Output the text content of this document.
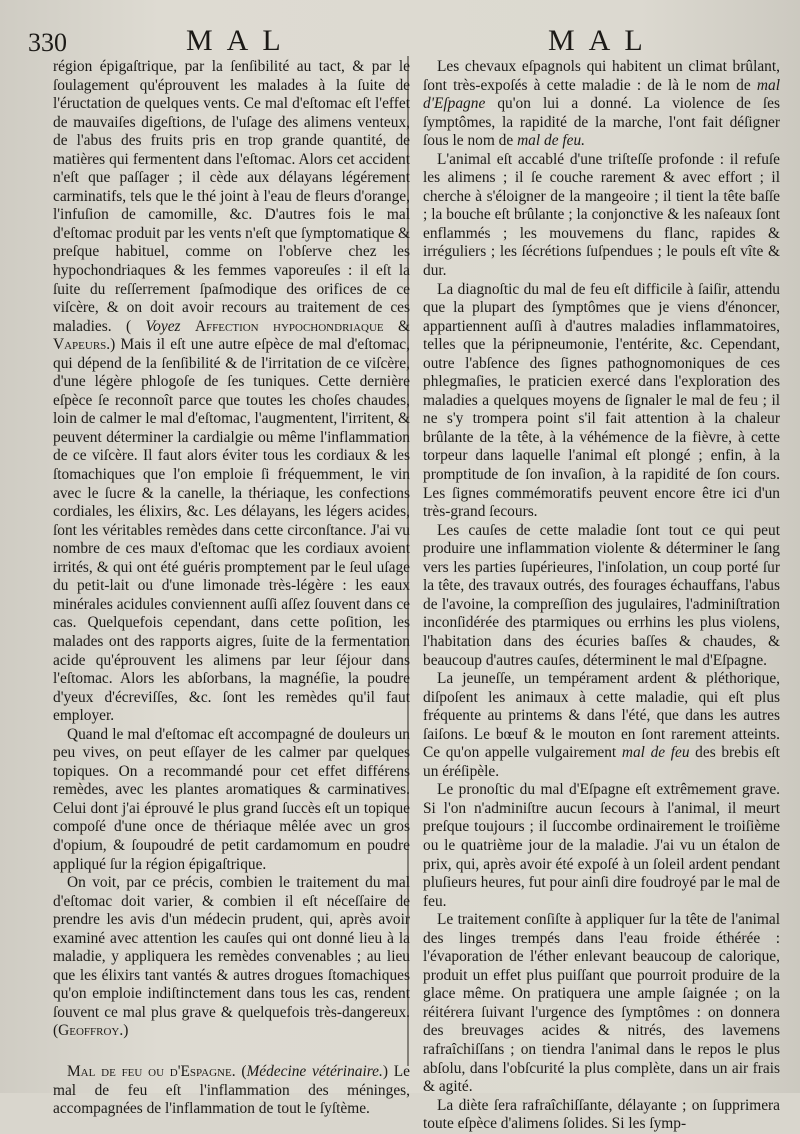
330	MAL	MAL

région épigaſtrique, par la ſenſibilité au tact, & par le ſoulagement qu'éprouvent les malades à la ſuite de l'éructation de quelques vents. Ce mal d'eſtomac eſt l'effet de mauvaiſes digeſtions, de l'uſage des alimens venteux, de l'abus des fruits pris en trop grande quantité, de matières qui fermentent dans l'eſtomac. Alors cet accident n'eſt que paſſager ; il cède aux délayans légérement carminatifs, tels que le thé joint à l'eau de fleurs d'orange, l'infuſion de camomille, &c. D'autres fois le mal d'eſtomac produit par les vents n'eſt que ſymptomatique & preſque habituel, comme on l'obſerve chez les hypochondriaques & les femmes vaporeuſes : il eſt la ſuite du reſſerrement ſpaſmodique des orifices de ce viſcère, & on doit avoir recours au traitement de ces maladies. ( Voyez Affection hypochondriaque & Vapeurs.) Mais il eſt une autre eſpèce de mal d'eſtomac, qui dépend de la ſenſibilité & de l'irritation de ce viſcère, d'une légère phlogoſe de ſes tuniques. Cette dernière eſpèce ſe reconnoît parce que toutes les choſes chaudes, loin de calmer le mal d'eſtomac, l'augmentent, l'irritent, & peuvent déterminer la cardialgie ou même l'inflammation de ce viſcère. Il faut alors éviter tous les cordiaux & les ſtomachiques que l'on emploie ſi fréquemment, le vin avec le ſucre & la canelle, la thériaque, les confections cordiales, les élixirs, &c. Les délayans, les légers acides, ſont les véritables remèdes dans cette circonſtance. J'ai vu nombre de ces maux d'eſtomac que les cordiaux avoient irrités, & qui ont été guéris promptement par le ſeul uſage du petit-lait ou d'une limonade très-légère : les eaux minérales acidules conviennent auſſi aſſez ſouvent dans ce cas. Quelquefois cependant, dans cette poſition, les malades ont des rapports aigres, ſuite de la fermentation acide qu'éprouvent les alimens par leur ſéjour dans l'eſtomac. Alors les abſorbans, la magnéſie, la poudre d'yeux d'écreviſſes, &c. ſont les remèdes qu'il faut employer.

Quand le mal d'eſtomac eſt accompagné de douleurs un peu vives, on peut eſſayer de les calmer par quelques topiques. On a recommandé pour cet effet différens remèdes, avec les plantes aromatiques & carminatives. Celui dont j'ai éprouvé le plus grand ſuccès eſt un topique compoſé d'une once de thériaque mêlée avec un gros d'opium, & ſoupoudré de petit cardamomum en poudre appliqué ſur la région épigaſtrique.

On voit, par ce précis, combien le traitement du mal d'eſtomac doit varier, & combien il eſt néceſſaire de prendre les avis d'un médecin prudent, qui, après avoir examiné avec attention les cauſes qui ont donné lieu à la maladie, y appliquera les remèdes convenables ; au lieu que les élixirs tant vantés & autres drogues ſtomachiques qu'on emploie indiſtinctement dans tous les cas, rendent ſouvent ce mal plus grave & quelquefois très-dangereux. (Geoffroy.)

Mal de feu ou d'Eſpagne. (Médecine vétérinaire.) Le mal de feu eſt l'inflammation des méninges, accompagnées de l'inflammation de tout le ſyſtème.

Les chevaux eſpagnols qui habitent un climat brûlant, ſont très-expoſés à cette maladie : de là le nom de mal d'Eſpagne qu'on lui a donné. La violence de ſes ſymptômes, la rapidité de la marche, l'ont fait déſigner ſous le nom de mal de feu.

L'animal eſt accablé d'une triſteſſe profonde : il refuſe les alimens ; il ſe couche rarement & avec effort ; il cherche à s'éloigner de la mangeoire ; il tient la tête baſſe ; la bouche eſt brûlante ; la conjonctive & les naſeaux ſont enflammés ; les mouvemens du flanc, rapides & irréguliers ; les ſécrétions ſuſpendues ; le pouls eſt vîte & dur.

La diagnoſtic du mal de feu eſt difficile à ſaiſir, attendu que la plupart des ſymptômes que je viens d'énoncer, appartiennent auſſi à d'autres maladies inflammatoires, telles que la péripneumonie, l'entérite, &c. Cependant, outre l'abſence des ſignes pathognomoniques de ces phlegmaſies, le praticien exercé dans l'exploration des maladies a quelques moyens de ſignaler le mal de feu ; il ne s'y trompera point s'il fait attention à la chaleur brûlante de la tête, à la véhémence de la fièvre, à cette torpeur dans laquelle l'animal eſt plongé ; enfin, à la promptitude de ſon invaſion, à la rapidité de ſon cours. Les ſignes commémoratifs peuvent encore être ici d'un très-grand ſecours.

Les cauſes de cette maladie ſont tout ce qui peut produire une inflammation violente & déterminer le ſang vers les parties ſupérieures, l'inſolation, un coup porté ſur la tête, des travaux outrés, des fourages échauffans, l'abus de l'avoine, la compreſſion des jugulaires, l'adminiſtration inconſidérée des ptarmiques ou errhins les plus violens, l'habitation dans des écuries baſſes & chaudes, & beaucoup d'autres cauſes, déterminent le mal d'Eſpagne.

La jeuneſſe, un tempérament ardent & pléthorique, diſpoſent les animaux à cette maladie, qui eſt plus fréquente au printems & dans l'été, que dans les autres ſaiſons. Le bœuf & le mouton en ſont rarement atteints. Ce qu'on appelle vulgairement mal de feu des brebis eſt un éréſipèle.

Le pronoſtic du mal d'Eſpagne eſt extrêmement grave. Si l'on n'adminiſtre aucun ſecours à l'animal, il meurt preſque toujours ; il ſuccombe ordinairement le troiſième ou le quatrième jour de la maladie. J'ai vu un étalon de prix, qui, après avoir été expoſé à un ſoleil ardent pendant pluſieurs heures, fut pour ainſi dire foudroyé par le mal de feu.

Le traitement conſiſte à appliquer ſur la tête de l'animal des linges trempés dans l'eau froide éthérée : l'évaporation de l'éther enlevant beaucoup de calorique, produit un effet plus puiſſant que pourroit produire de la glace même. On pratiquera une ample ſaignée ; on la réitérera ſuivant l'urgence des ſymptômes : on donnera des breuvages acides & nitrés, des lavemens rafraîchiſſans ; on tiendra l'animal dans le repos le plus abſolu, dans l'obſcurité la plus complète, dans un air frais & agité.

La diète ſera rafraîchiſſante, délayante ; on ſupprimera toute eſpèce d'alimens ſolides. Si les ſymp-
